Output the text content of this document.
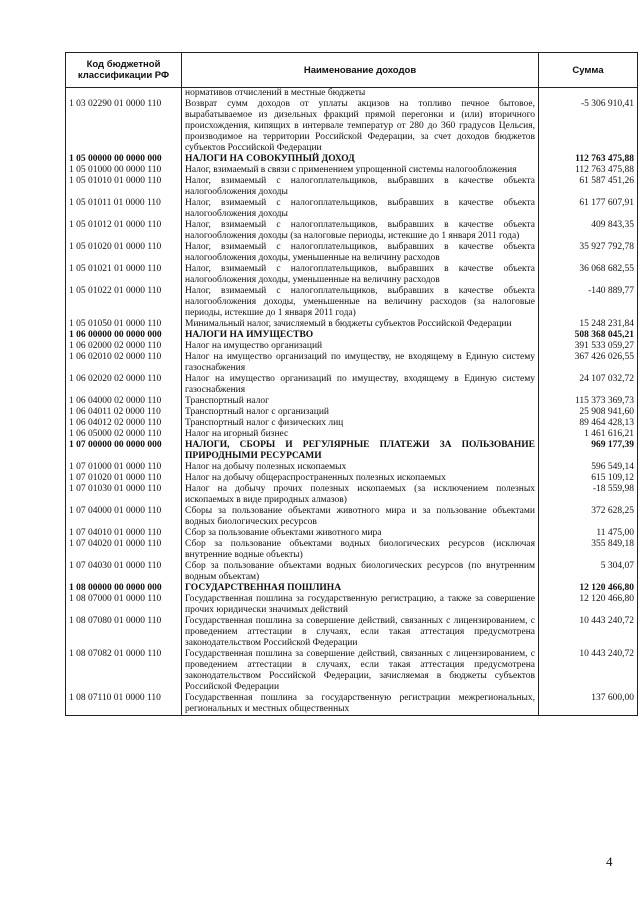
Код бюджетной классификации РФ	Наименование доходов	Сумма
	нормативов отчислений в местные бюджеты	
1 03 02290 01 0000 110	Возврат сумм доходов от уплаты акцизов на топливо печное бытовое, вырабатываемое из дизельных фракций прямой перегонки и (или) вторичного происхождения, кипящих в интервале температур от 280 до 360 градусов Цельсия, производимое на территории Российской Федерации, за счет доходов бюджетов субъектов Российской Федерации	-5 306 910,41
1 05 00000 00 0000 000	НАЛОГИ НА СОВОКУПНЫЙ ДОХОД	112 763 475,88
1 05 01000 00 0000 110	Налог, взимаемый в связи с применением упрощенной системы налогообложения	112 763 475,88
1 05 01010 01 0000 110	Налог, взимаемый с налогоплательщиков, выбравших в качестве объекта налогообложения доходы	61 587 451,26
1 05 01011 01 0000 110	Налог, взимаемый с налогоплательщиков, выбравших в качестве объекта налогообложения доходы	61 177 607,91
1 05 01012 01 0000 110	Налог, взимаемый с налогоплательщиков, выбравших в качестве объекта налогообложения доходы (за налоговые периоды, истекшие до 1 января 2011 года)	409 843,35
1 05 01020 01 0000 110	Налог, взимаемый с налогоплательщиков, выбравших в качестве объекта налогообложения доходы, уменьшенные на величину расходов	35 927 792,78
1 05 01021 01 0000 110	Налог, взимаемый с налогоплательщиков, выбравших в качестве объекта налогообложения доходы, уменьшенные на величину расходов	36 068 682,55
1 05 01022 01 0000 110	Налог, взимаемый с налогоплательщиков, выбравших в качестве объекта налогообложения доходы, уменьшенные на величину расходов (за налоговые периоды, истекшие до 1 января 2011 года)	-140 889,77
1 05 01050 01 0000 110	Минимальный налог, зачисляемый в бюджеты субъектов Российской Федерации	15 248 231,84
1 06 00000 00 0000 000	НАЛОГИ НА ИМУЩЕСТВО	508 368 045,21
1 06 02000 02 0000 110	Налог на имущество организаций	391 533 059,27
1 06 02010 02 0000 110	Налог на имущество организаций по имуществу, не входящему в Единую систему газоснабжения	367 426 026,55
1 06 02020 02 0000 110	Налог на имущество организаций по имуществу, входящему в Единую систему газоснабжения	24 107 032,72
1 06 04000 02 0000 110	Транспортный налог	115 373 369,73
1 06 04011 02 0000 110	Транспортный налог с организаций	25 908 941,60
1 06 04012 02 0000 110	Транспортный налог с физических лиц	89 464 428,13
1 06 05000 02 0000 110	Налог на игорный бизнес	1 461 616,21
1 07 00000 00 0000 000	НАЛОГИ, СБОРЫ И РЕГУЛЯРНЫЕ ПЛАТЕЖИ ЗА ПОЛЬЗОВАНИЕ ПРИРОДНЫМИ РЕСУРСАМИ	969 177,39
1 07 01000 01 0000 110	Налог на добычу полезных ископаемых	596 549,14
1 07 01020 01 0000 110	Налог на добычу общераспространенных полезных ископаемых	615 109,12
1 07 01030 01 0000 110	Налог на добычу прочих полезных ископаемых (за исключением полезных ископаемых в виде природных алмазов)	-18 559,98
1 07 04000 01 0000 110	Сборы за пользование объектами животного мира и за пользование объектами водных биологических ресурсов	372 628,25
1 07 04010 01 0000 110	Сбор за пользование объектами животного мира	11 475,00
1 07 04020 01 0000 110	Сбор за пользование объектами водных биологических ресурсов (исключая внутренние водные объекты)	355 849,18
1 07 04030 01 0000 110	Сбор за пользование объектами водных биологических ресурсов (по внутренним водным объектам)	5 304,07
1 08 00000 00 0000 000	ГОСУДАРСТВЕННАЯ ПОШЛИНА	12 120 466,80
1 08 07000 01 0000 110	Государственная пошлина за государственную регистрацию, а также за совершение прочих юридически значимых действий	12 120 466,80
1 08 07080 01 0000 110	Государственная пошлина за совершение действий, связанных с лицензированием, с проведением аттестации в случаях, если такая аттестация предусмотрена законодательством Российской Федерации	10 443 240,72
1 08 07082 01 0000 110	Государственная пошлина за совершение действий, связанных с лицензированием, с проведением аттестации в случаях, если такая аттестация предусмотрена законодательством Российской Федерации, зачисляемая в бюджеты субъектов Российской Федерации	10 443 240,72
1 08 07110 01 0000 110	Государственная пошлина за государственную регистрации межрегиональных, региональных и местных общественных	137 600,00
4
